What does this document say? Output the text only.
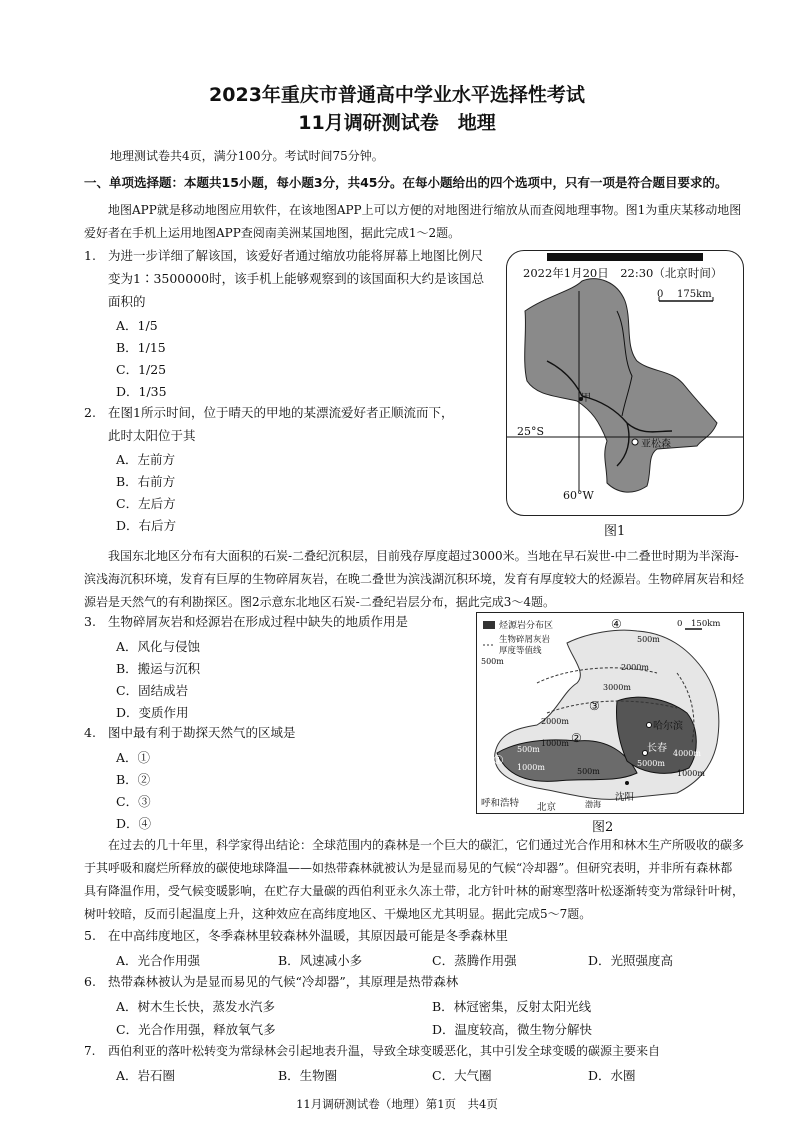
2023年重庆市普通高中学业水平选择性考试
11月调研测试卷　地理
地理测试卷共4页，满分100分。考试时间75分钟。
一、单项选择题：本题共15小题，每小题3分，共45分。在每小题给出的四个选项中，只有一项是符合题目要求的。
地图APP就是移动地图应用软件，在该地图APP上可以方便的对地图进行缩放从而查阅地理事物。图1为重庆某移动地图爱好者在手机上运用地图APP查阅南美洲某国地图，据此完成1～2题。
1. 为进一步详细了解该国，该爱好者通过缩放功能将屏幕上地图比例尺
变为1∶3500000时，该手机上能够观察到的该国面积大约是该国总
面积的
A．1/5
B．1/15
C．1/25
D．1/35
2. 在图1所示时间，位于晴天的甲地的某漂流爱好者正顺流而下，
此时太阳位于其
A．左前方
B．右前方
C．左后方
D．右后方
2022年1月20日　22:30（北京时间）
0 175km
甲
25°S
亚松森
60°W
图1
我国东北地区分布有大面积的石炭-二叠纪沉积层，目前残存厚度超过3000米。当地在早石炭世-中二叠世时期为半深海-滨浅海沉积环境，发育有巨厚的生物碎屑灰岩，在晚二叠世为滨浅湖沉积环境，发育有厚度较大的烃源岩。生物碎屑灰岩和烃源岩是天然气的有利勘探区。图2示意东北地区石炭-二叠纪岩层分布，据此完成3～4题。
3. 生物碎屑灰岩和烃源岩在形成过程中缺失的地质作用是
A．风化与侵蚀
B．搬运与沉积
C．固结成岩
D．变质作用
4. 图中最有利于勘探天然气的区域是
A．①
B．②
C．③
D．④
烃源岩分布区
生物碎屑灰岩
厚度等值线
500m
0 150km
④
③
②
①
500m
2000m
3000m
2000m
1000m
500m
1000m	500m
4000m
5000m
1000m
哈尔滨
长春
沈阳
呼和浩特 北京	渤海
图2
在过去的几十年里，科学家得出结论：全球范围内的森林是一个巨大的碳汇，它们通过光合作用和林木生产所吸收的碳多于其呼吸和腐烂所释放的碳使地球降温——如热带森林就被认为是显而易见的气候“冷却器”。但研究表明，并非所有森林都具有降温作用，受气候变暖影响，在贮存大量碳的西伯利亚永久冻土带，北方针叶林的耐寒型落叶松逐渐转变为常绿针叶树，树叶较暗，反而引起温度上升，这种效应在高纬度地区、干燥地区尤其明显。据此完成5～7题。
5. 在中高纬度地区，冬季森林里较森林外温暖，其原因最可能是冬季森林里
A．光合作用强	B．风速减小多	C．蒸腾作用强	D．光照强度高
6. 热带森林被认为是显而易见的气候“冷却器”，其原理是热带森林
A．树木生长快，蒸发水汽多	B．林冠密集，反射太阳光线
C．光合作用强，释放氧气多	D．温度较高，微生物分解快
7. 西伯利亚的落叶松转变为常绿林会引起地表升温，导致全球变暖恶化，其中引发全球变暖的碳源主要来自
A．岩石圈	B．生物圈	C．大气圈	D．水圈
11月调研测试卷（地理）第1页　共4页
